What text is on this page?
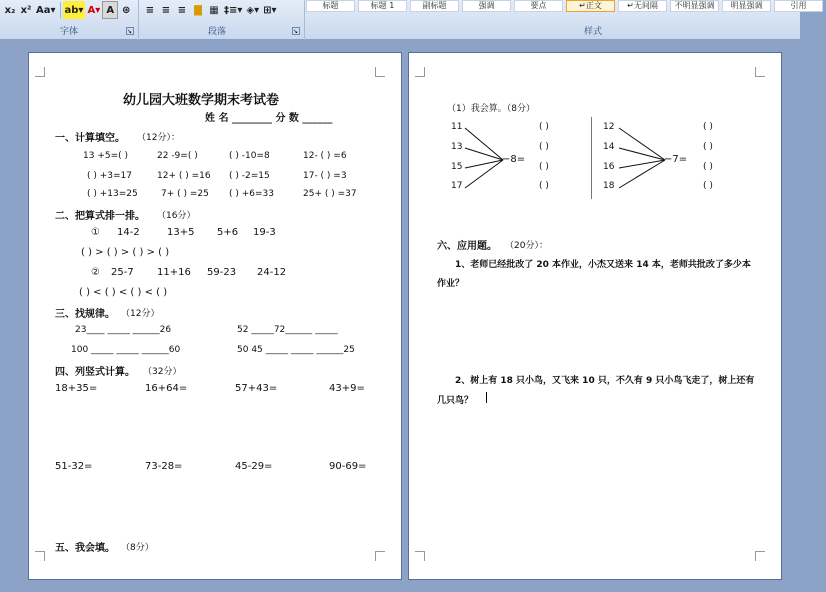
x₂ x² Aa▾ ab▾ A▾ A ⊛	≡ ≡ ≡ ▇ ▦ ‡≡▾ ◈▾ ⊞▾	标题	标题 1	副标题	强调	要点	↵正文	↵无间隔	不明显强调	明显强调	引用
字体	↘	段落	↘	样式
幼儿园大班数学期末考试卷
姓 名 ________ 分 数 ______
一、计算填空。 （12分）：
13 +5=( )	22 -9=( )	( ) -10=8	12- ( ) =6
( ) +3=17	12+ ( ) =16 ( ) -2=15	17- ( ) =3
( ) +13=25	7+ ( ) =25 ( ) +6=33	25+ ( ) =37
二、把算式排一排。 （16分）
① 14-2	13+5 5+6 19-3
( ) > ( ) > ( ) > ( )
② 25-7 11+16 59-23 24-12
( ) < ( ) < ( ) < ( )
三、找规律。 （12分）
23____ _____ ______26	52 _____72______ _____
100 _____ _____ ______60	50 45 _____ _____ ______25
四、列竖式计算。 （32分）
18+35=	16+64=	57+43=	43+9=
51-32=	73-28=	45-29=	90-69=
五、我会填。 （8分）
（1）我会算。（8分）
11
13
15
17
−8=
( )
( )
( )
( )
12
14
16
18
−7=
( )
( )
( )
( )
六、应用题。 （20分）：
1、老师已经批改了 20 本作业，小杰又送来 14 本，老师共批改了多少本
作业？
2、树上有 18 只小鸟，又飞来 10 只，不久有 9 只小鸟飞走了，树上还有
几只鸟？
